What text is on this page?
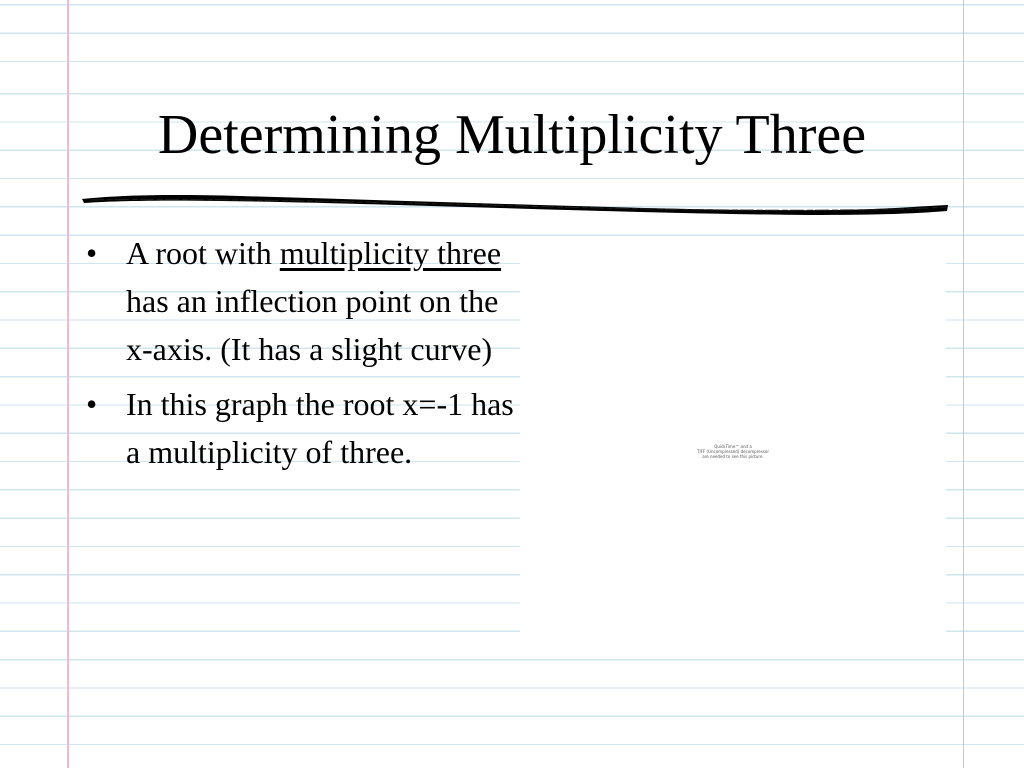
Determining Multiplicity Three
• A root with multiplicity three has an inflection point on the x-axis. (It has a slight curve)
• In this graph the root x=-1 has a multiplicity of three.	QuickTime™ and a
TIFF (Uncompressed) decompressor
are needed to see this picture.
